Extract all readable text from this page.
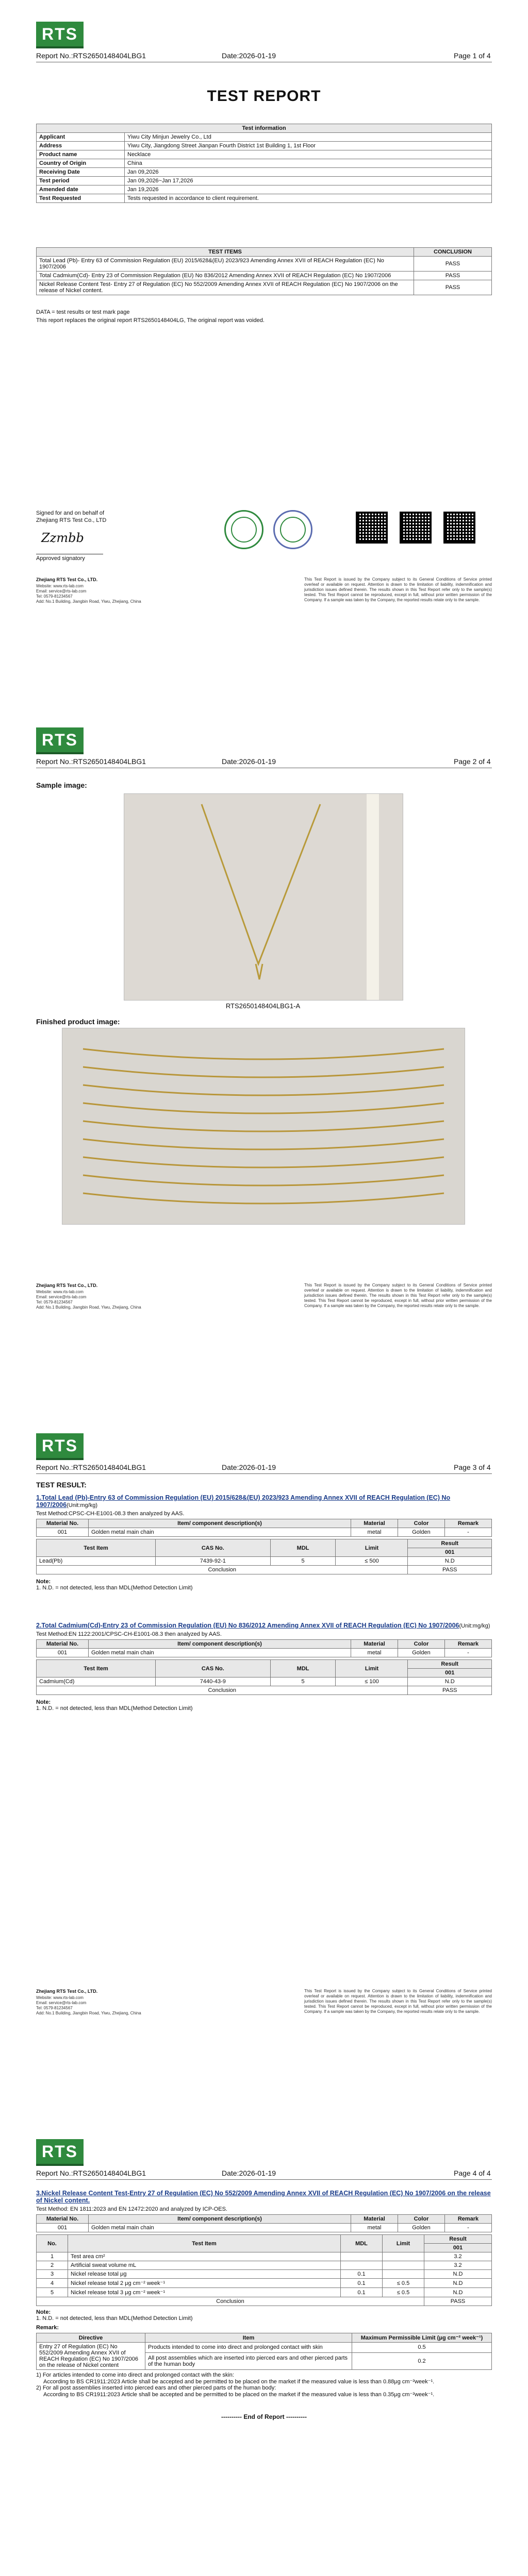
RTS
Report No.:RTS2650148404LBG1	Date:2026-01-19	Page 1 of 4
TEST REPORT
Test information	
Applicant	Yiwu City Minjun Jewelry Co., Ltd
Address	Yiwu City, Jiangdong Street Jianpan Fourth District 1st Building 1, 1st Floor
Product name	Necklace
Country of Origin	China
Receiving Date	Jan 09,2026
Test period	Jan 09,2026~Jan 17,2026
Amended date	Jan 19,2026
Test Requested	Tests requested in accordance to client requirement.
TEST ITEMS	CONCLUSION
Total Lead (Pb)- Entry 63 of Commission Regulation (EU) 2015/628&(EU) 2023/923 Amending Annex XVII of REACH Regulation (EC) No 1907/2006	PASS
Total Cadmium(Cd)- Entry 23 of Commission Regulation (EU) No 836/2012 Amending Annex XVII of REACH Regulation (EC) No 1907/2006	PASS
Nickel Release Content Test- Entry 27 of Regulation (EC) No 552/2009 Amending Annex XVII of REACH Regulation (EC) No 1907/2006 on the release of Nickel content.	PASS
DATA = test results or test mark page
This report replaces the original report RTS2650148404LG, The original report was voided.
Signed for and on behalf of
Zhejiang RTS Test Co., LTD
Zzmbb
Approved signatory
Zhejiang RTS Test Co., LTD.
Website: www.rts-lab.com
Email: service@rts-lab.com
Tel: 0579-81234567
Add: No.1 Building, Jiangbin Road, Yiwu, Zhejiang, China
This Test Report is issued by the Company subject to its General Conditions of Service printed overleaf or available on request. Attention is drawn to the limitation of liability, indemnification and jurisdiction issues defined therein. The results shown in this Test Report refer only to the sample(s) tested. This Test Report cannot be reproduced, except in full, without prior written permission of the Company. If a sample was taken by the Company, the reported results relate only to the sample.
RTS
Report No.:RTS2650148404LBG1	Date:2026-01-19	Page 2 of 4
Sample image:
RTS2650148404LBG1-A
Finished product image:
Zhejiang RTS Test Co., LTD.
Website: www.rts-lab.com
Email: service@rts-lab.com
Tel: 0579-81234567
Add: No.1 Building, Jiangbin Road, Yiwu, Zhejiang, China
This Test Report is issued by the Company subject to its General Conditions of Service printed overleaf or available on request. Attention is drawn to the limitation of liability, indemnification and jurisdiction issues defined therein. The results shown in this Test Report refer only to the sample(s) tested. This Test Report cannot be reproduced, except in full, without prior written permission of the Company. If a sample was taken by the Company, the reported results relate only to the sample.
RTS
Report No.:RTS2650148404LBG1	Date:2026-01-19	Page 3 of 4
TEST RESULT:
1.Total Lead (Pb)-Entry 63 of Commission Regulation (EU) 2015/628&(EU) 2023/923 Amending Annex XVII of REACH Regulation (EC) No 1907/2006(Unit:mg/kg)
Test Method:CPSC-CH-E1001-08.3 then analyzed by AAS.
Material No.	Item/ component description(s)	Material	Color	Remark
001	Golden metal main chain	metal	Golden	-
Test Item	CAS No.	MDL	Limit	Result
				001
Lead(Pb)	7439-92-1	5	≤ 500	N.D
Conclusion				PASS
Note:
1. N.D. = not detected, less than MDL(Method Detection Limit)
2.Total Cadmium(Cd)-Entry 23 of Commission Regulation (EU) No 836/2012 Amending Annex XVII of REACH Regulation (EC) No 1907/2006(Unit:mg/kg)
Test Method:EN 1122:2001/CPSC-CH-E1001-08.3 then analyzed by AAS.
Material No.	Item/ component description(s)	Material	Color	Remark
001	Golden metal main chain	metal	Golden	-
Test Item	CAS No.	MDL	Limit	Result
				001
Cadmium(Cd)	7440-43-9	5	≤ 100	N.D
Conclusion				PASS
Note:
1. N.D. = not detected, less than MDL(Method Detection Limit)
Zhejiang RTS Test Co., LTD.
Website: www.rts-lab.com
Email: service@rts-lab.com
Tel: 0579-81234567
Add: No.1 Building, Jiangbin Road, Yiwu, Zhejiang, China
This Test Report is issued by the Company subject to its General Conditions of Service printed overleaf or available on request. Attention is drawn to the limitation of liability, indemnification and jurisdiction issues defined therein. The results shown in this Test Report refer only to the sample(s) tested. This Test Report cannot be reproduced, except in full, without prior written permission of the Company. If a sample was taken by the Company, the reported results relate only to the sample.
RTS
Report No.:RTS2650148404LBG1	Date:2026-01-19	Page 4 of 4
3.Nickel Release Content Test-Entry 27 of Regulation (EC) No 552/2009 Amending Annex XVII of REACH Regulation (EC) No 1907/2006 on the release of Nickel content.
Test Method: EN 1811:2023 and EN 12472:2020 and analyzed by ICP-OES.
Material No.	Item/ component description(s)	Material	Color	Remark
001	Golden metal main chain	metal	Golden	-
No.	Test Item	MDL	Limit	Result
				001
1	Test area cm²			3.2
2	Artificial sweat volume mL			3.2
3	Nickel release total μg	0.1		N.D
4	Nickel release total 2 μg cm⁻² week⁻¹	0.1	≤ 0.5	N.D
5	Nickel release total 3 μg cm⁻² week⁻¹	0.1	≤ 0.5	N.D
Conclusion				PASS
Note:
1. N.D. = not detected, less than MDL(Method Detection Limit)
Remark:
Directive	Item	Maximum Permissible Limit (μg cm⁻² week⁻¹)
Entry 27 of Regulation (EC) No 552/2009 Amending Annex XVII of REACH Regulation (EC) No 1907/2006 on the release of Nickel content	Products intended to come into direct and prolonged contact with skin	0.5
	All post assemblies which are inserted into pierced ears and other pierced parts of the human body	0.2
1) For articles intended to come into direct and prolonged contact with the skin:
According to BS CR1911:2023 Article shall be accepted and be permitted to be placed on the market if the measured value is less than 0.88μg cm⁻²week⁻¹.
2) For all post assemblies inserted into pierced ears and other pierced parts of the human body:
According to BS CR1911:2023 Article shall be accepted and be permitted to be placed on the market if the measured value is less than 0.35μg cm⁻²week⁻¹.
---------- End of Report ----------
